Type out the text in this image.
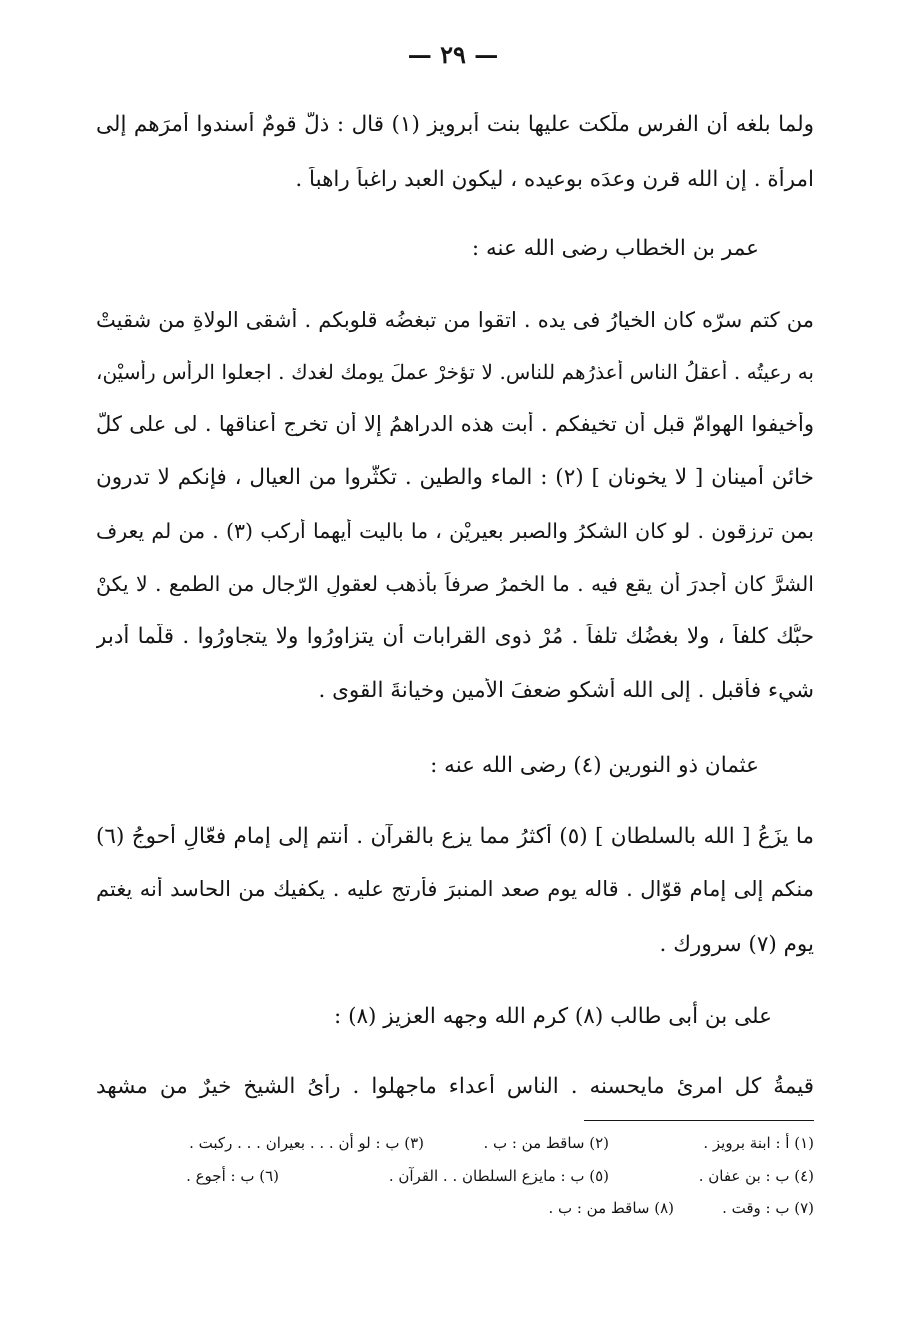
— ٢٩ —
ولما بلغه أن الفرس ملّكت عليها بنت أبرويز (١) قال : ذلّ قومٌ أسندوا أمرَهم إلى
امرأة . إن الله قرن وعدَه بوعيده ، ليكون العبد راغباً راهباً .
عمر بن الخطاب رضى الله عنه :
من كتم سرّه كان الخيارُ فى يده . اتقوا من تبغضُه قلوبكم . أشقى الولاةِ من شقيتْ
به رعيتُه . أعقلُ الناس أعذرُهم للناس. لا تؤخرْ عملَ يومك لغدك . اجعلوا الرأس رأسيْن،
وأخيفوا الهوامّ قبل أن تخيفكم . أبت هذه الدراهمُ إلا أن تخرج أعناقها . لى على كلّ
خائن أمينان [ لا يخونان ] (٢) : الماء والطين . تكثّروا من العيال ، فإنكم لا تدرون
بمن ترزقون . لو كان الشكرُ والصبر بعيريْن ، ما باليت أيهما أركب (٣) . من لم يعرف
الشرَّ كان أجدرَ أن يقع فيه . ما الخمرُ صرفاً بأذهب لعقولِ الرّجال من الطمع . لا يكنْ
حبُّك كلفاً ، ولا بغضُك تلفاً . مُرْ ذوى القرابات أن يتزاورُوا ولا يتجاورُوا . قلّما أدبر
شيء فأقبل . إلى الله أشكو ضعفَ الأمين وخيانةَ القوى .
عثمان ذو النورين (٤) رضى الله عنه :
ما يزَعُ [ الله بالسلطان ] (٥) أكثرُ مما يزع بالقرآن . أنتم إلى إمامٍ فعّالٍ أحوجُ (٦)
منكم إلى إمامٍ قوّال . قاله يوم صعد المنبرَ فأُرتج عليه . يكفيك من الحاسد أنه يغتم
يوم (٧) سرورك .
على بن أبى طالب (٨) كرم الله وجهه العزيز (٨) :
قيمةُ كل امرئ مايحسنه . الناس أعداء ماجهلوا . رأىُ الشيخ خيرٌ من مشهد
(١) أ : ابنة برويز .
(٢) ساقط من : ب .
(٣) ب : لو أن . . . بعيران . . . ركبت .
(٤) ب : بن عفان .
(٥) ب : مايزع السلطان . . القرآن .
(٦) ب : أجوع .
(٧) ب : وقت .
(٨) ساقط من : ب .
